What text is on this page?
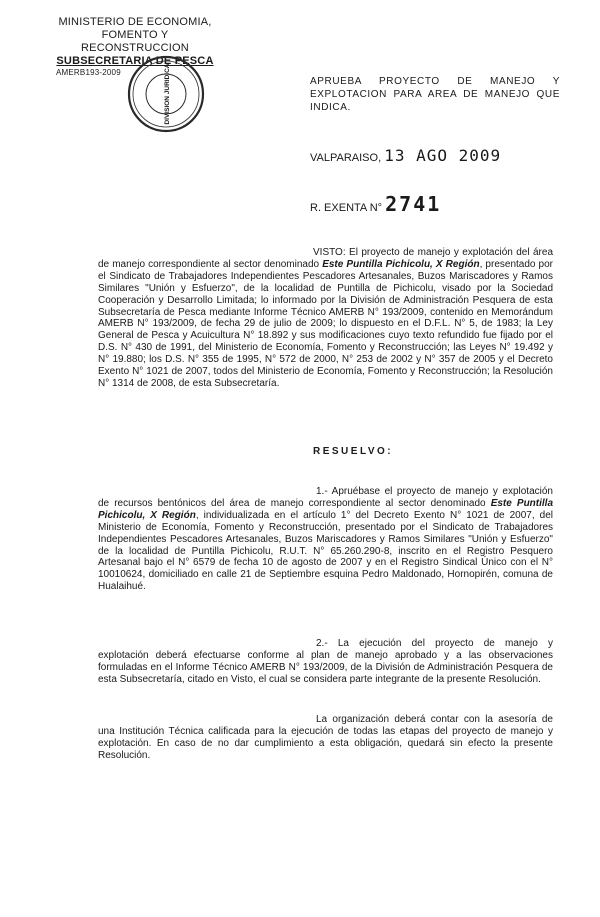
MINISTERIO DE ECONOMIA,
FOMENTO Y RECONSTRUCCION
SUBSECRETARIA DE PESCA
AMERB193-2009	DIVISION JURIDICA	APRUEBA PROYECTO DE MANEJO Y EXPLOTACION PARA AREA DE MANEJO QUE INDICA.
VALPARAISO, 13 AGO 2009
R. EXENTA N° 2741

VISTO: El proyecto de manejo y explotación del área de manejo correspondiente al sector denominado Este Puntilla Pichicolu, X Región, presentado por el Sindicato de Trabajadores Independientes Pescadores Artesanales, Buzos Mariscadores y Ramos Similares "Unión y Esfuerzo", de la localidad de Puntilla de Pichicolu, visado por la Sociedad Cooperación y Desarrollo Limitada; lo informado por la División de Administración Pesquera de esta Subsecretaría de Pesca mediante Informe Técnico AMERB N° 193/2009, contenido en Memorándum AMERB N° 193/2009, de fecha 29 de julio de 2009; lo dispuesto en el D.F.L. N° 5, de 1983; la Ley General de Pesca y Acuicultura N° 18.892 y sus modificaciones cuyo texto refundido fue fijado por el D.S. N° 430 de 1991, del Ministerio de Economía, Fomento y Reconstrucción; las Leyes N° 19.492 y N° 19.880; los D.S. N° 355 de 1995, N° 572 de 2000, N° 253 de 2002 y N° 357 de 2005 y el Decreto Exento N° 1021 de 2007, todos del Ministerio de Economía, Fomento y Reconstrucción; la Resolución N° 1314 de 2008, de esta Subsecretaría.

RESUELVO:

1.- Apruébase el proyecto de manejo y explotación de recursos bentónicos del área de manejo correspondiente al sector denominado Este Puntilla Pichicolu, X Región, individualizada en el artículo 1° del Decreto Exento N° 1021 de 2007, del Ministerio de Economía, Fomento y Reconstrucción, presentado por el Sindicato de Trabajadores Independientes Pescadores Artesanales, Buzos Mariscadores y Ramos Similares "Unión y Esfuerzo" de la localidad de Puntilla Pichicolu, R.U.T. N° 65.260.290-8, inscrito en el Registro Pesquero Artesanal bajo el N° 6579 de fecha 10 de agosto de 2007 y en el Registro Sindical Único con el N° 10010624, domiciliado en calle 21 de Septiembre esquina Pedro Maldonado, Hornopirén, comuna de Hualaihué.

2.- La ejecución del proyecto de manejo y explotación deberá efectuarse conforme al plan de manejo aprobado y a las observaciones formuladas en el Informe Técnico AMERB N° 193/2009, de la División de Administración Pesquera de esta Subsecretaría, citado en Visto, el cual se considera parte integrante de la presente Resolución.

La organización deberá contar con la asesoría de una Institución Técnica calificada para la ejecución de todas las etapas del proyecto de manejo y explotación. En caso de no dar cumplimiento a esta obligación, quedará sin efecto la presente Resolución.
